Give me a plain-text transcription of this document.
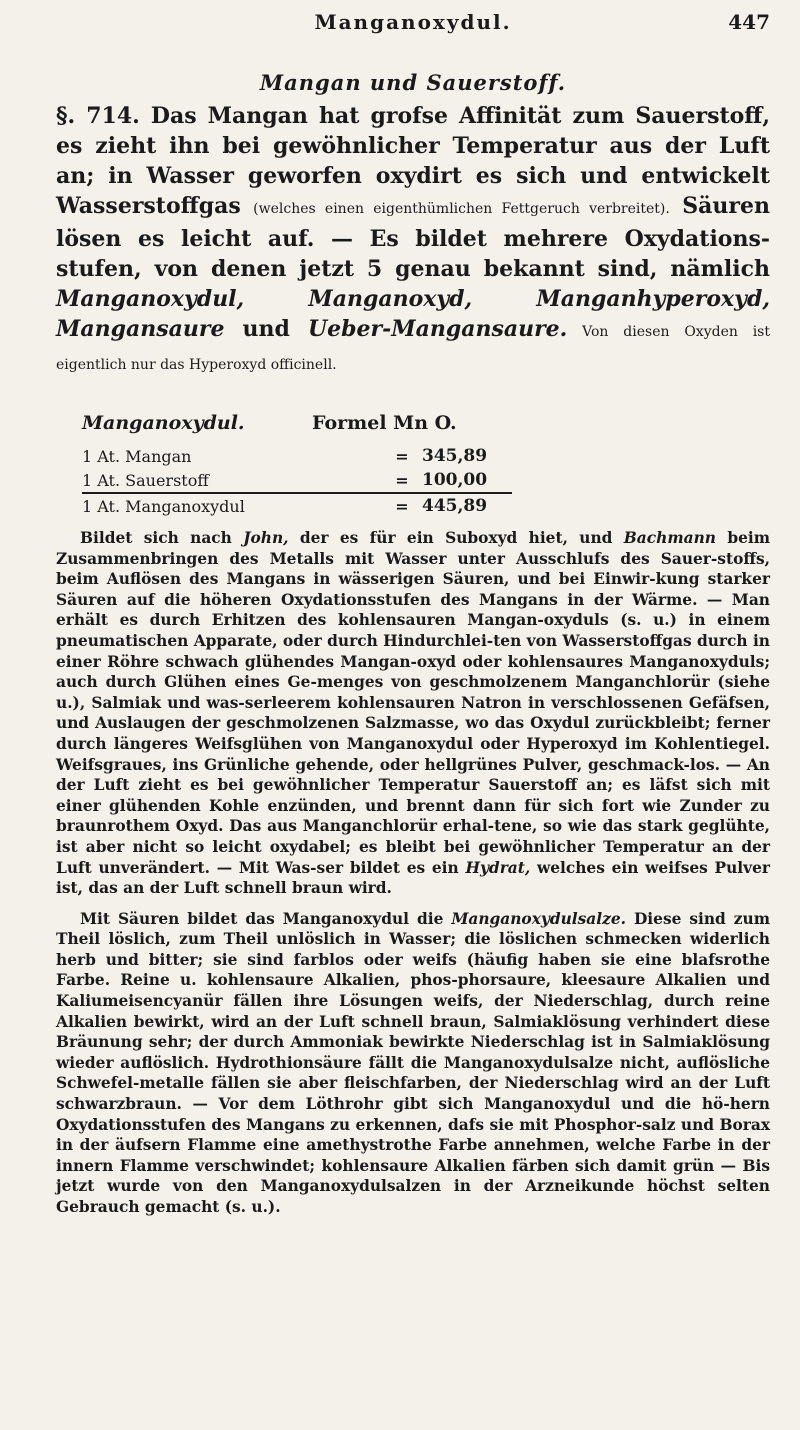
Manganoxydul.	447
Mangan und Sauerstoff.

§. 714. Das Mangan hat grofse Affinität zum Sauerstoff, es zieht ihn bei gewöhnlicher Temperatur aus der Luft an; in Wasser geworfen oxydirt es sich und entwickelt Wasserstoffgas (welches einen eigenthümlichen Fettgeruch verbreitet). Säuren lösen es leicht auf. — Es bildet mehrere Oxydations-stufen, von denen jetzt 5 genau bekannt sind, nämlich Manganoxydul, Manganoxyd, Manganhyperoxyd, Mangansaure und Ueber-Mangansaure. Von diesen Oxyden ist eigentlich nur das Hyperoxyd officinell.

Manganoxydul.	Formel Mn O.
1 At. Mangan	=	345,89
1 At. Sauerstoff	=	100,00
1 At. Manganoxydul	=	445,89

Bildet sich nach John, der es für ein Suboxyd hiet, und Bachmann beim Zusammenbringen des Metalls mit Wasser unter Ausschlufs des Sauer-stoffs, beim Auflösen des Mangans in wässerigen Säuren, und bei Einwir-kung starker Säuren auf die höheren Oxydationsstufen des Mangans in der Wärme. — Man erhält es durch Erhitzen des kohlensauren Mangan-oxyduls (s. u.) in einem pneumatischen Apparate, oder durch Hindurchlei-ten von Wasserstoffgas durch in einer Röhre schwach glühendes Mangan-oxyd oder kohlensaures Manganoxyduls; auch durch Glühen eines Ge-menges von geschmolzenem Manganchlorür (siehe u.), Salmiak und was-serleerem kohlensauren Natron in verschlossenen Gefäfsen, und Auslaugen der geschmolzenen Salzmasse, wo das Oxydul zurückbleibt; ferner durch längeres Weifsglühen von Manganoxydul oder Hyperoxyd im Kohlentiegel. Weifsgraues, ins Grünliche gehende, oder hellgrünes Pulver, geschmack-los. — An der Luft zieht es bei gewöhnlicher Temperatur Sauerstoff an; es läfst sich mit einer glühenden Kohle enzünden, und brennt dann für sich fort wie Zunder zu braunrothem Oxyd. Das aus Manganchlorür erhal-tene, so wie das stark geglühte, ist aber nicht so leicht oxydabel; es bleibt bei gewöhnlicher Temperatur an der Luft unverändert. — Mit Was-ser bildet es ein Hydrat, welches ein weifses Pulver ist, das an der Luft schnell braun wird.

Mit Säuren bildet das Manganoxydul die Manganoxydulsalze. Diese sind zum Theil löslich, zum Theil unlöslich in Wasser; die löslichen schmecken widerlich herb und bitter; sie sind farblos oder weifs (häufig haben sie eine blafsrothe Farbe. Reine u. kohlensaure Alkalien, phos-phorsaure, kleesaure Alkalien und Kaliumeisencyanür fällen ihre Lösungen weifs, der Niederschlag, durch reine Alkalien bewirkt, wird an der Luft schnell braun, Salmiaklösung verhindert diese Bräunung sehr; der durch Ammoniak bewirkte Niederschlag ist in Salmiaklösung wieder auflöslich. Hydrothionsäure fällt die Manganoxydulsalze nicht, auflösliche Schwefel-metalle fällen sie aber fleischfarben, der Niederschlag wird an der Luft schwarzbraun. — Vor dem Löthrohr gibt sich Manganoxydul und die hö-hern Oxydationsstufen des Mangans zu erkennen, dafs sie mit Phosphor-salz und Borax in der äufsern Flamme eine amethystrothe Farbe annehmen, welche Farbe in der innern Flamme verschwindet; kohlensaure Alkalien färben sich damit grün — Bis jetzt wurde von den Manganoxydulsalzen in der Arzneikunde höchst selten Gebrauch gemacht (s. u.).
